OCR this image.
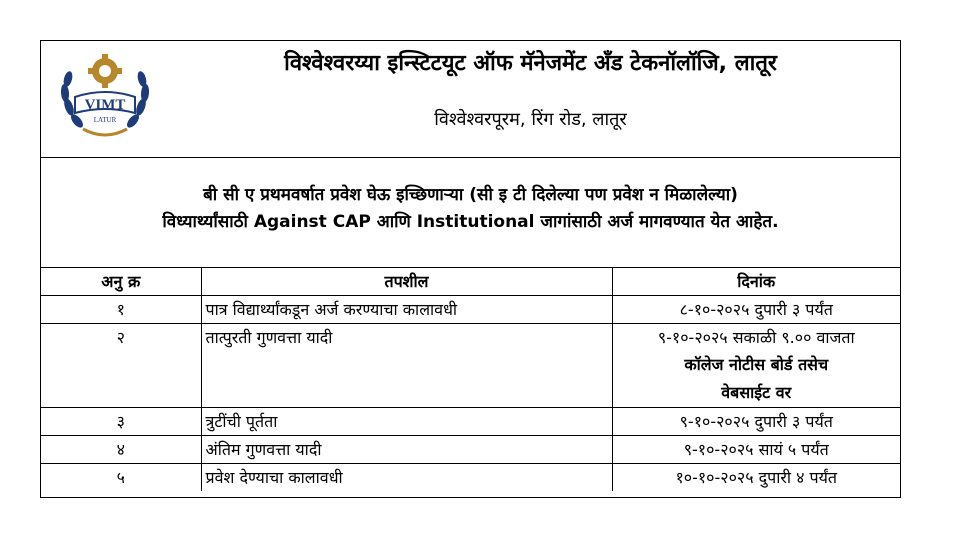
VIMT
LATUR
विश्वेश्वरय्या इन्स्टिटयूट ऑफ मॅनेजमेंट अँड टेकनॉलॉजि, लातूर
विश्वेश्वरपूरम, रिंग रोड, लातूर
बी सी ए प्रथमवर्षात प्रवेश घेऊ इच्छिणाऱ्या (सी इ टी दिलेल्या पण प्रवेश न मिळालेल्या)
विध्यार्थ्यांसाठी Against CAP आणि Institutional जागांसाठी अर्ज मागवण्यात येत आहेत.
अनु क्र	तपशील	दिनांक
१	पात्र विद्यार्थ्यांकडून अर्ज करण्याचा कालावधी	८-१०-२०२५ दुपारी ३ पर्यंत
२	तात्पुरती गुणवत्ता यादी	९-१०-२०२५ सकाळी ९.०० वाजता
कॉलेज नोटीस बोर्ड तसेच
वेबसाईट वर

३	त्रुटींची पूर्तता	९-१०-२०२५ दुपारी ३ पर्यंत
४	अंतिम गुणवत्ता यादी	९-१०-२०२५ सायं ५ पर्यंत
५	प्रवेश देण्याचा कालावधी	१०-१०-२०२५ दुपारी ४ पर्यंत
